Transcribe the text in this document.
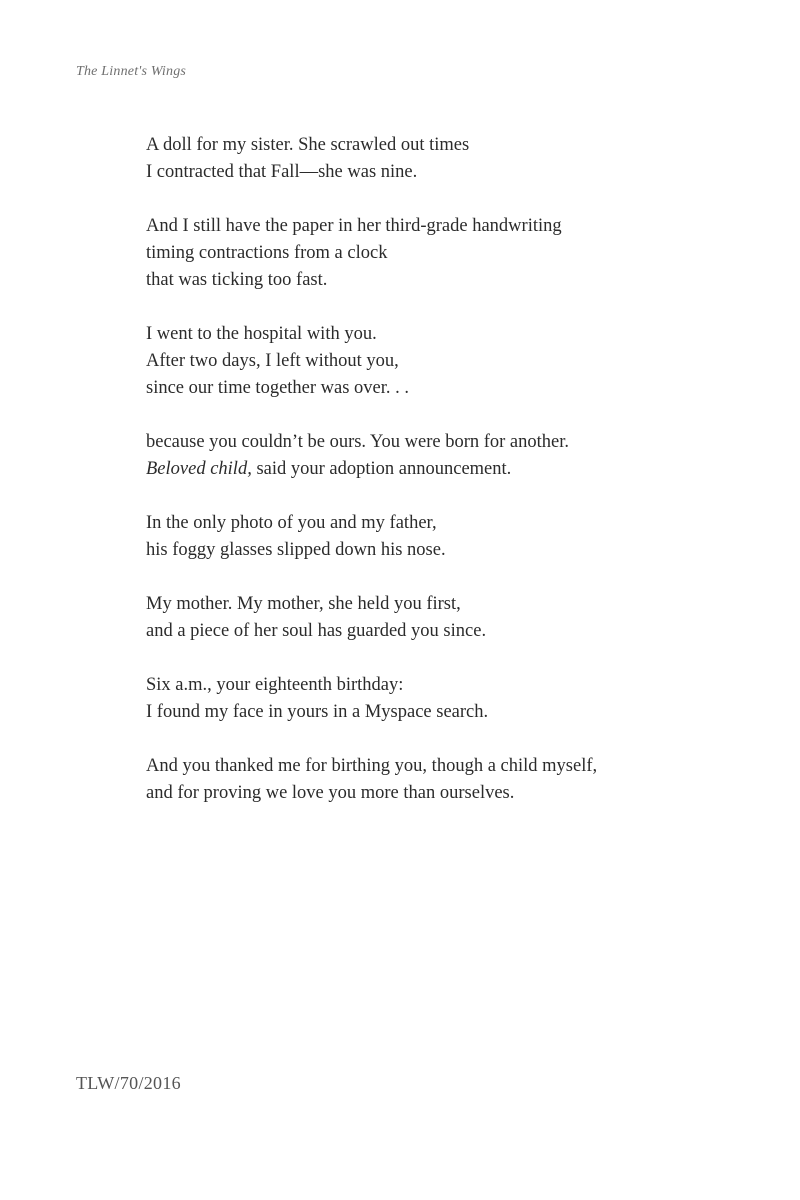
The Linnet's Wings
A doll for my sister. She scrawled out times
I contracted that Fall—she was nine.
And I still have the paper in her third-grade handwriting
timing contractions from a clock
that was ticking too fast.
I went to the hospital with you.
After two days, I left without you,
since our time together was over. . .
because you couldn’t be ours. You were born for another.
Beloved child, said your adoption announcement.
In the only photo of you and my father,
his foggy glasses slipped down his nose.
My mother. My mother, she held you first,
and a piece of her soul has guarded you since.
Six a.m., your eighteenth birthday:
I found my face in yours in a Myspace search.
And you thanked me for birthing you, though a child myself,
and for proving we love you more than ourselves.
TLW/70/2016
